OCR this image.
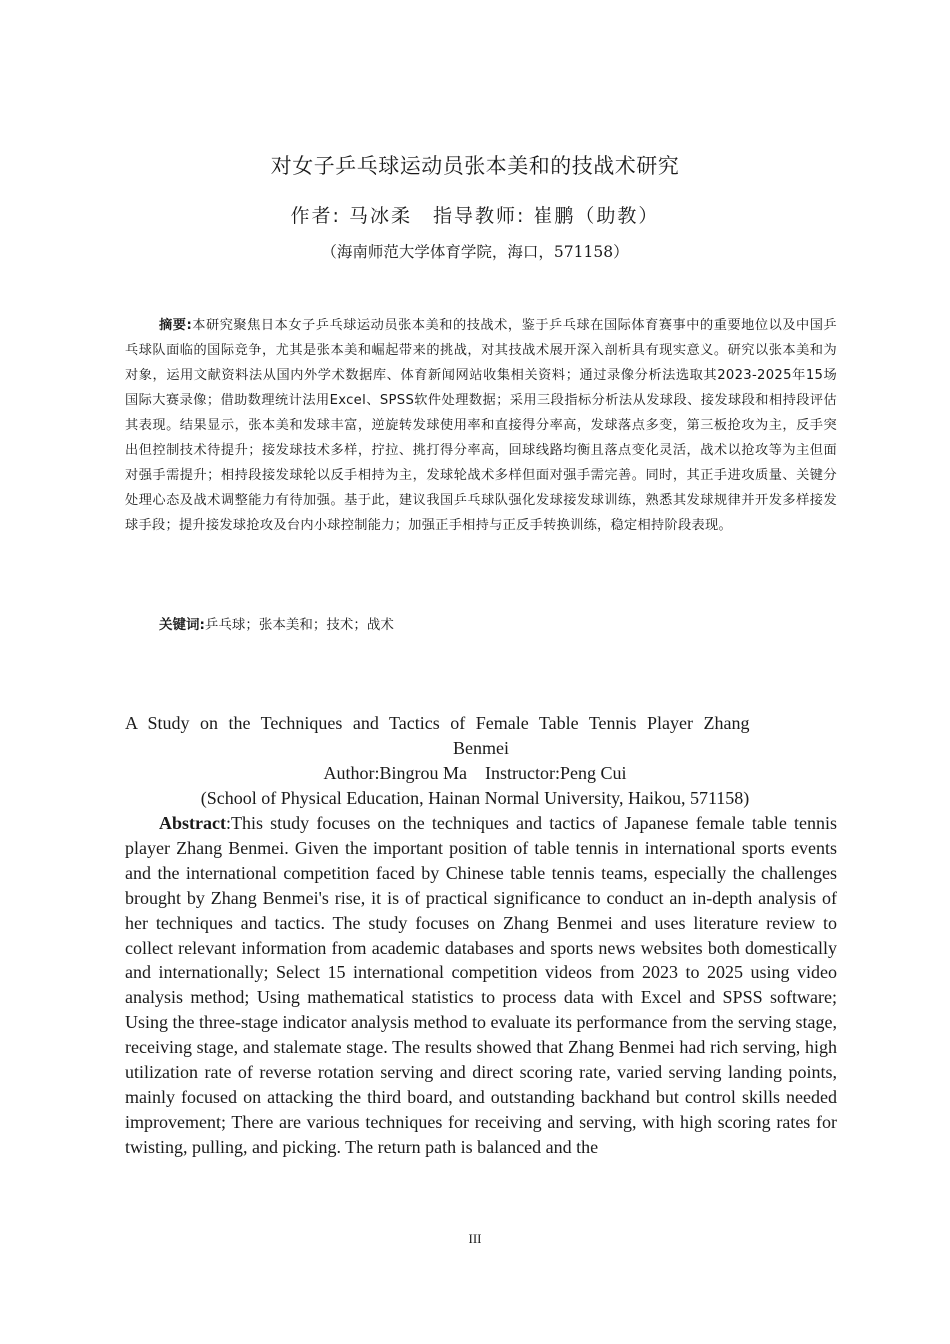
对女子乒乓球运动员张本美和的技战术研究
作者: 马冰柔　指导教师: 崔鹏（助教）
（海南师范大学体育学院，海口，571158）

摘要:本研究聚焦日本女子乒乓球运动员张本美和的技战术，鉴于乒乓球在国际体育赛事中的重要地位以及中国乒乓球队面临的国际竞争，尤其是张本美和崛起带来的挑战，对其技战术展开深入剖析具有现实意义。研究以张本美和为对象，运用文献资料法从国内外学术数据库、体育新闻网站收集相关资料；通过录像分析法选取其2023-2025年15场国际大赛录像；借助数理统计法用Excel、SPSS软件处理数据；采用三段指标分析法从发球段、接发球段和相持段评估其表现。结果显示，张本美和发球丰富，逆旋转发球使用率和直接得分率高，发球落点多变，第三板抢攻为主，反手突出但控制技术待提升；接发球技术多样，拧拉、挑打得分率高，回球线路均衡且落点变化灵活，战术以抢攻等为主但面对强手需提升；相持段接发球轮以反手相持为主，发球轮战术多样但面对强手需完善。同时，其正手进攻质量、关键分处理心态及战术调整能力有待加强。基于此，建议我国乒乓球队强化发球接发球训练，熟悉其发球规律并开发多样接发球手段；提升接发球抢攻及台内小球控制能力；加强正手相持与正反手转换训练，稳定相持阶段表现。

关键词:乒乓球；张本美和；技术；战术

A Study on the Techniques and Tactics of Female Table Tennis Player Zhang
Benmei

Author:Bingrou Ma　Instructor:Peng Cui

(School of Physical Education, Hainan Normal University, Haikou, 571158)

Abstract:This study focuses on the techniques and tactics of Japanese female table tennis player Zhang Benmei. Given the important position of table tennis in international sports events and the international competition faced by Chinese table tennis teams, especially the challenges brought by Zhang Benmei's rise, it is of practical significance to conduct an in-depth analysis of her techniques and tactics. The study focuses on Zhang Benmei and uses literature review to collect relevant information from academic databases and sports news websites both domestically and internationally; Select 15 international competition videos from 2023 to 2025 using video analysis method; Using mathematical statistics to process data with Excel and SPSS software; Using the three-stage indicator analysis method to evaluate its performance from the serving stage, receiving stage, and stalemate stage. The results showed that Zhang Benmei had rich serving, high utilization rate of reverse rotation serving and direct scoring rate, varied serving landing points, mainly focused on attacking the third board, and outstanding backhand but control skills needed improvement; There are various techniques for receiving and serving, with high scoring rates for twisting, pulling, and picking. The return path is balanced and the

III
